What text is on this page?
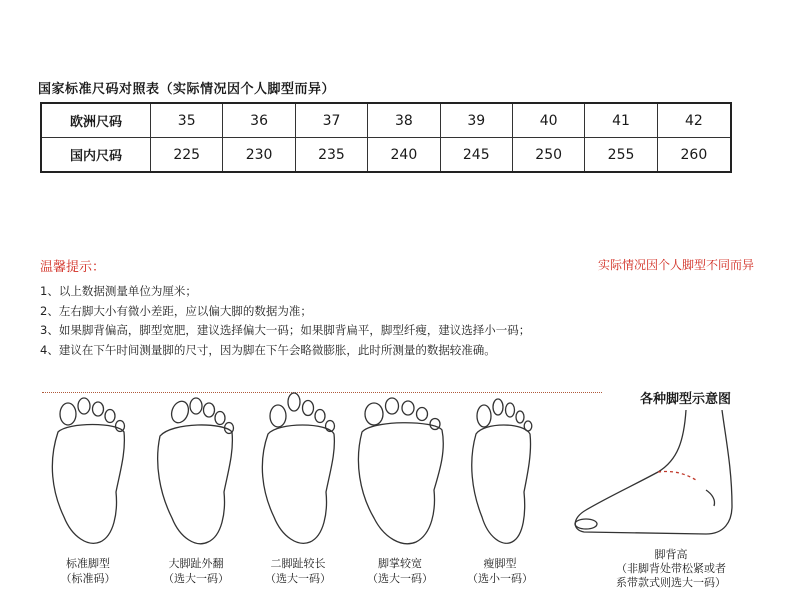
国家标准尺码对照表（实际情况因个人脚型而异）
欧洲尺码	35	36	37	38	39	40	41	42
国内尺码	225	230	235	240	245	250	255	260
温馨提示：	实际情况因个人脚型不同而异
1、以上数据测量单位为厘米；
2、左右脚大小有微小差距，应以偏大脚的数据为准；
3、如果脚背偏高，脚型宽肥，建议选择偏大一码；如果脚背扁平，脚型纤瘦，建议选择小一码；
4、建议在下午时间测量脚的尺寸，因为脚在下午会略微膨胀，此时所测量的数据较准确。
各种脚型示意图
标准脚型
（标准码）
大脚趾外翻
（选大一码）
二脚趾较长
（选大一码）
脚掌较宽
（选大一码）
瘦脚型
（选小一码）
脚背高
（非脚背处带松紧或者
系带款式则选大一码）
